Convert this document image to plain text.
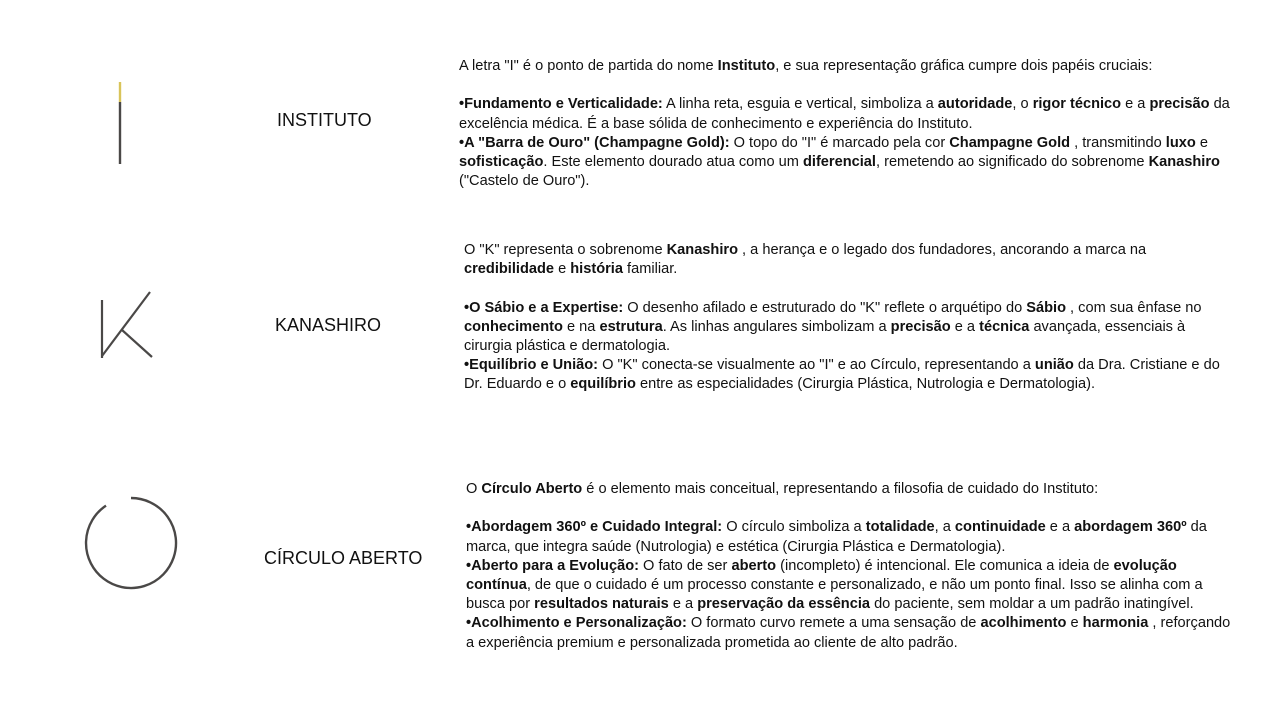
INSTITUTO

A letra "I" é o ponto de partida do nome Instituto, e sua representação gráfica cumpre dois papéis cruciais:

•Fundamento e Verticalidade: A linha reta, esguia e vertical, simboliza a autoridade, o rigor técnico e a precisão da excelência médica. É a base sólida de conhecimento e experiência do Instituto.

•A "Barra de Ouro" (Champagne Gold): O topo do "I" é marcado pela cor Champagne Gold , transmitindo luxo e sofisticação. Este elemento dourado atua como um diferencial, remetendo ao significado do sobrenome Kanashiro ("Castelo de Ouro").

KANASHIRO

O "K" representa o sobrenome Kanashiro , a herança e o legado dos fundadores, ancorando a marca na credibilidade e história familiar.

•O Sábio e a Expertise: O desenho afilado e estruturado do "K" reflete o arquétipo do Sábio , com sua ênfase no conhecimento e na estrutura. As linhas angulares simbolizam a precisão e a técnica avançada, essenciais à cirurgia plástica e dermatologia.

•Equilíbrio e União: O "K" conecta-se visualmente ao "I" e ao Círculo, representando a união da Dra. Cristiane e do Dr. Eduardo e o equilíbrio entre as especialidades (Cirurgia Plástica, Nutrologia e Dermatologia).

CÍRCULO ABERTO

O Círculo Aberto é o elemento mais conceitual, representando a filosofia de cuidado do Instituto:

•Abordagem 360º e Cuidado Integral: O círculo simboliza a totalidade, a continuidade e a abordagem 360º da marca, que integra saúde (Nutrologia) e estética (Cirurgia Plástica e Dermatologia).

•Aberto para a Evolução: O fato de ser aberto (incompleto) é intencional. Ele comunica a ideia de evolução contínua, de que o cuidado é um processo constante e personalizado, e não um ponto final. Isso se alinha com a busca por resultados naturais e a preservação da essência do paciente, sem moldar a um padrão inatingível.

•Acolhimento e Personalização: O formato curvo remete a uma sensação de acolhimento e harmonia , reforçando a experiência premium e personalizada prometida ao cliente de alto padrão.
